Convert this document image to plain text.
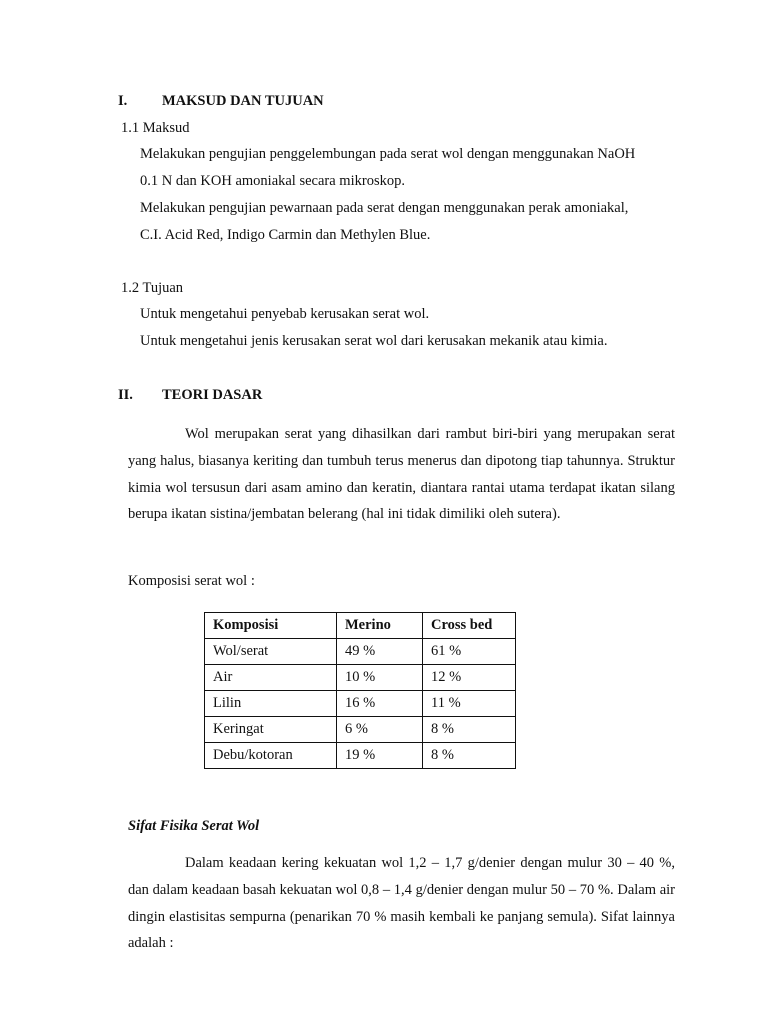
I. MAKSUD DAN TUJUAN
1.1 Maksud
Melakukan pengujian penggelembungan pada serat wol dengan menggunakan NaOH
0.1 N dan KOH amoniakal secara mikroskop.
Melakukan pengujian pewarnaan pada serat dengan menggunakan perak amoniakal,
C.I. Acid Red, Indigo Carmin dan Methylen Blue.
1.2 Tujuan
Untuk mengetahui penyebab kerusakan serat wol.
Untuk mengetahui jenis kerusakan serat wol dari kerusakan mekanik atau kimia.
II. TEORI DASAR

Wol merupakan serat yang dihasilkan dari rambut biri-biri yang merupakan serat yang halus, biasanya keriting dan tumbuh terus menerus dan dipotong tiap tahunnya. Struktur kimia wol tersusun dari asam amino dan keratin, diantara rantai utama terdapat ikatan silang berupa ikatan sistina/jembatan belerang (hal ini tidak dimiliki oleh sutera).

Komposisi serat wol :
Komposisi	Merino	Cross bed
Wol/serat	49 %	61 %
Air	10 %	12 %
Lilin	16 %	11 %
Keringat	6 %	8 %
Debu/kotoran	19 %	8 %
Sifat Fisika Serat Wol

Dalam keadaan kering kekuatan wol 1,2 – 1,7 g/denier dengan mulur 30 – 40 %, dan dalam keadaan basah kekuatan wol 0,8 – 1,4 g/denier dengan mulur 50 – 70 %. Dalam air dingin elastisitas sempurna (penarikan 70 % masih kembali ke panjang semula). Sifat lainnya adalah :
